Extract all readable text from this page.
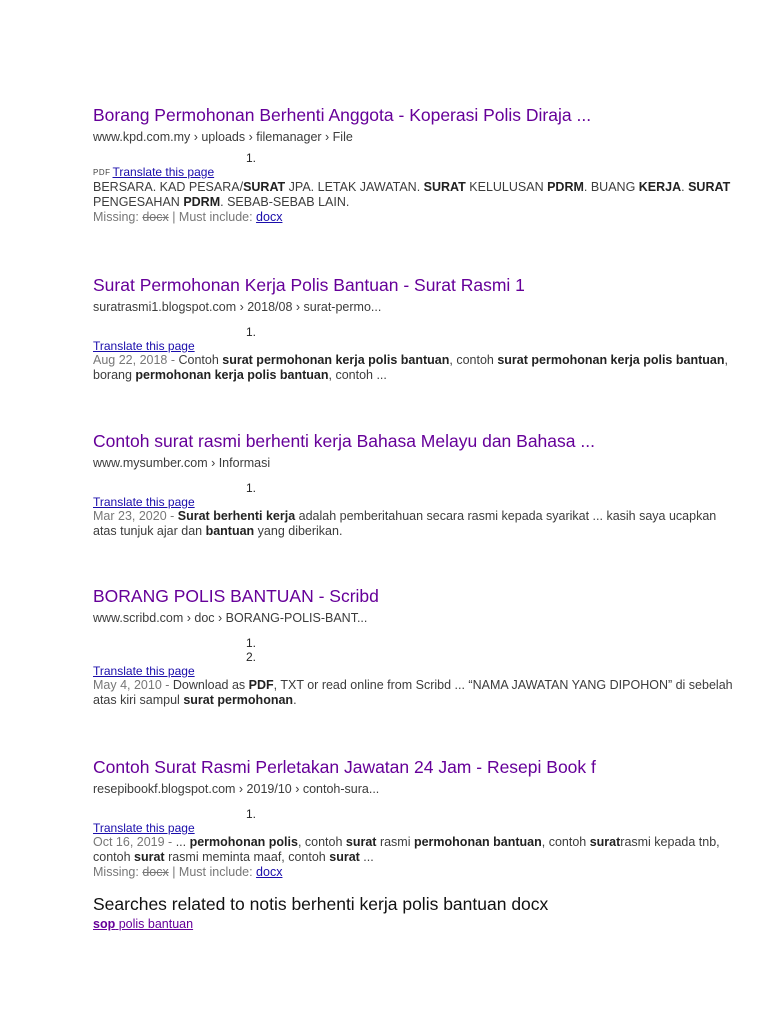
Borang Permohonan Berhenti Anggota - Koperasi Polis Diraja ...
www.kpd.com.my › uploads › filemanager › File
1.
PDF Translate this page
BERSARA. KAD PESARA/SURAT JPA. LETAK JAWATAN. SURAT KELULUSAN PDRM. BUANG KERJA. SURAT PENGESAHAN PDRM. SEBAB-SEBAB LAIN.
Missing: docx | Must include: docx
Surat Permohonan Kerja Polis Bantuan - Surat Rasmi 1
suratrasmi1.blogspot.com › 2018/08 › surat-permo...
1.
Translate this page
Aug 22, 2018 - Contoh surat permohonan kerja polis bantuan, contoh surat permohonan kerja polis bantuan, borang permohonan kerja polis bantuan, contoh ...
Contoh surat rasmi berhenti kerja Bahasa Melayu dan Bahasa ...
www.mysumber.com › Informasi
1.
Translate this page
Mar 23, 2020 - Surat berhenti kerja adalah pemberitahuan secara rasmi kepada syarikat ... kasih saya ucapkan atas tunjuk ajar dan bantuan yang diberikan.
BORANG POLIS BANTUAN - Scribd
www.scribd.com › doc › BORANG-POLIS-BANT...
1.
2.
Translate this page
May 4, 2010 - Download as PDF, TXT or read online from Scribd ... “NAMA JAWATAN YANG DIPOHON” di sebelah atas kiri sampul surat permohonan.
Contoh Surat Rasmi Perletakan Jawatan 24 Jam - Resepi Book f
resepibookf.blogspot.com › 2019/10 › contoh-sura...
1.
Translate this page
Oct 16, 2019 - ... permohonan polis, contoh surat rasmi permohonan bantuan, contoh suratrasmi kepada tnb, contoh surat rasmi meminta maaf, contoh surat ...
Missing: docx | Must include: docx
Searches related to notis berhenti kerja polis bantuan docx
sop polis bantuan
